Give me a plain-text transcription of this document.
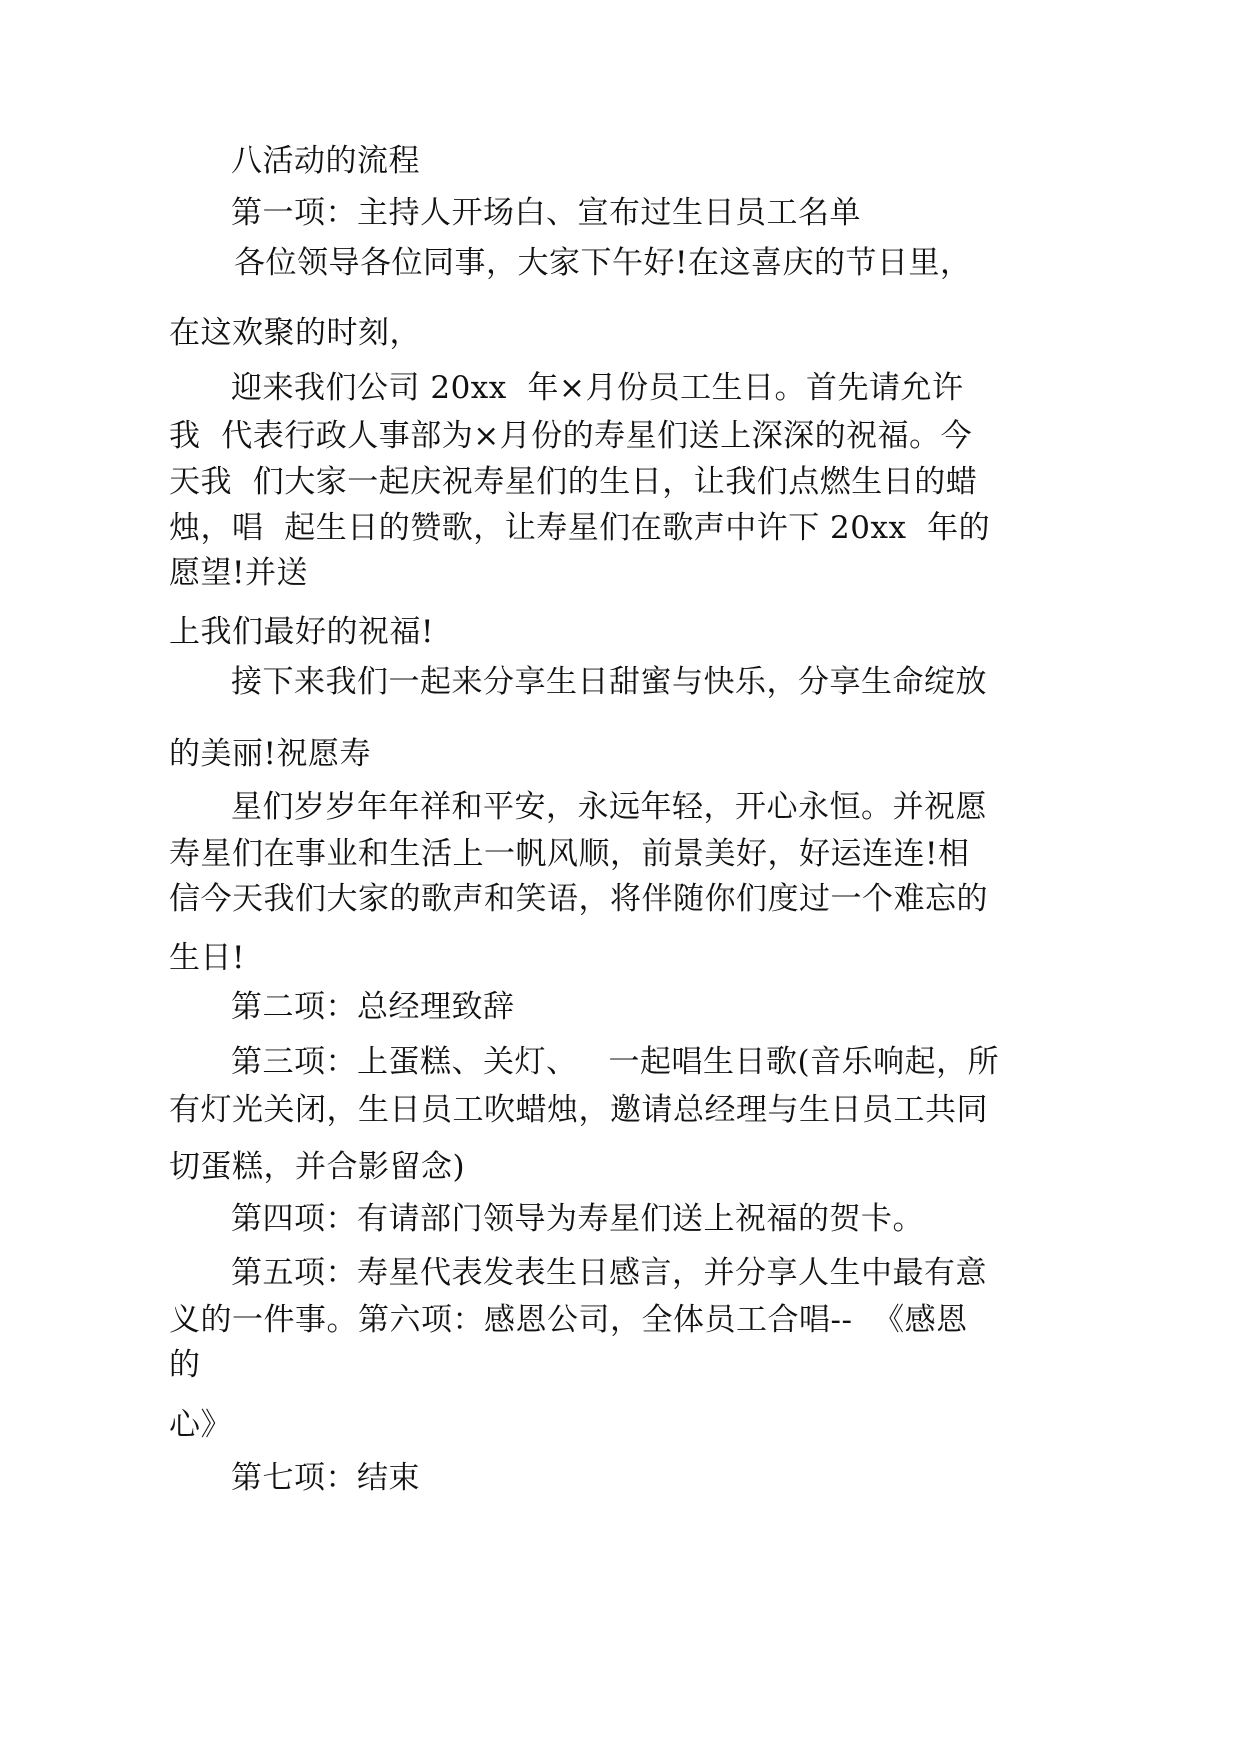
八活动的流程

第一项：主持人开场白、宣布过生日员工名单

各位领导各位同事，大家下午好!在这喜庆的节日里，

在这欢聚的时刻，

迎来我们公司 20xx  年×月份员工生日。首先请允许

我  代表行政人事部为×月份的寿星们送上深深的祝福。今

天我  们大家一起庆祝寿星们的生日，让我们点燃生日的蜡

烛，唱  起生日的赞歌，让寿星们在歌声中许下 20xx  年的

愿望!并送

上我们最好的祝福!

接下来我们一起来分享生日甜蜜与快乐，分享生命绽放

的美丽!祝愿寿

星们岁岁年年祥和平安，永远年轻，开心永恒。并祝愿

寿星们在事业和生活上一帆风顺，前景美好，好运连连!相

信今天我们大家的歌声和笑语，将伴随你们度过一个难忘的

生日!

第二项：总经理致辞

第三项：上蛋糕、关灯、   一起唱生日歌(音乐响起，所

有灯光关闭，生日员工吹蜡烛，邀请总经理与生日员工共同

切蛋糕，并合影留念)

第四项：有请部门领导为寿星们送上祝福的贺卡。

第五项：寿星代表发表生日感言，并分享人生中最有意

义的一件事。第六项：感恩公司，全体员工合唱--  《感恩

的

心》

第七项：结束
